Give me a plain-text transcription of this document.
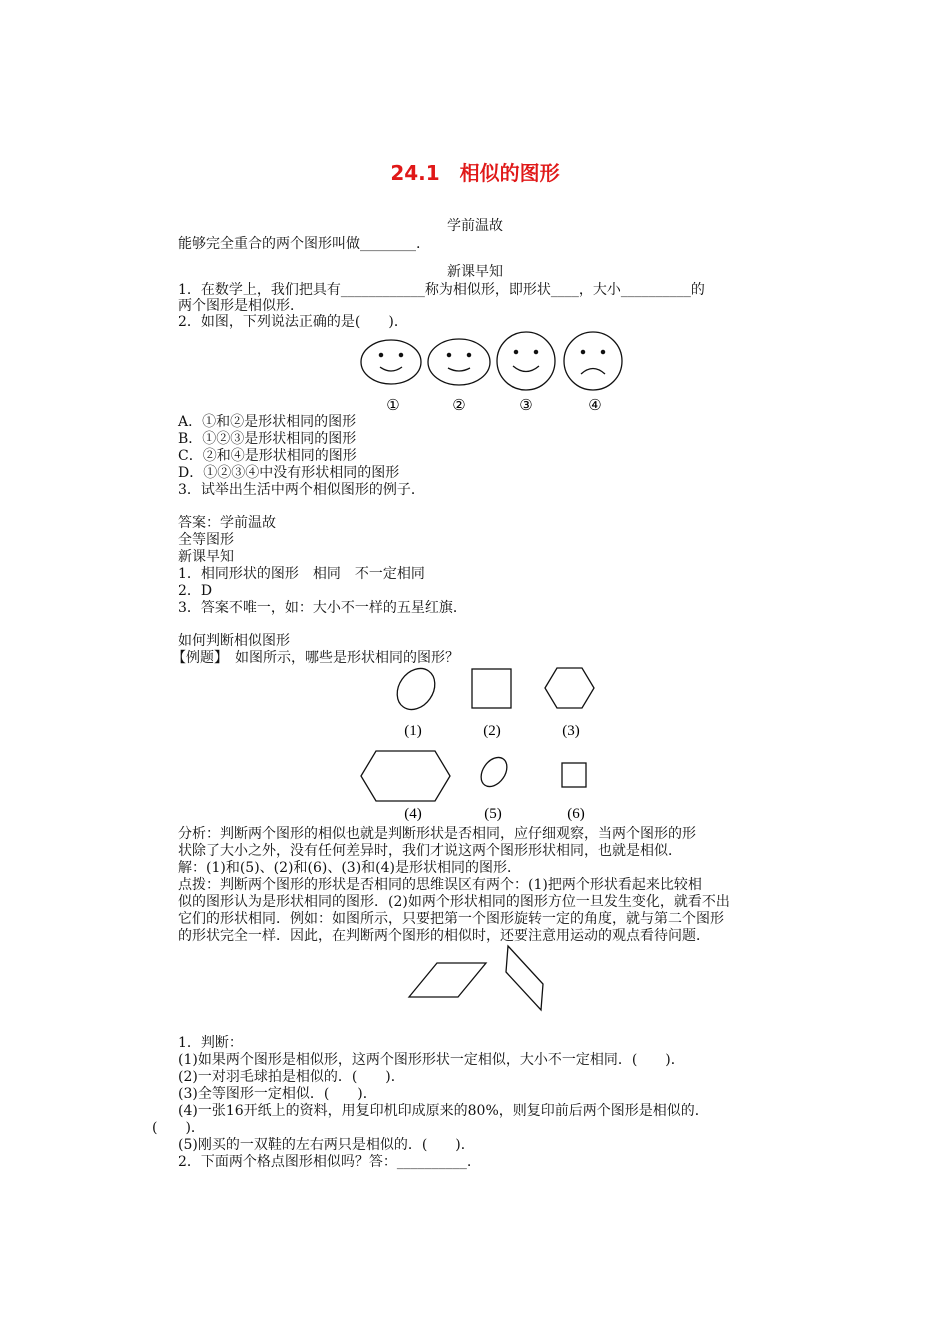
24.1　相似的图形
学前温故
能够完全重合的两个图形叫做________.
新课早知
1．在数学上，我们把具有____________称为相似形，即形状____，大小__________的
两个图形是相似形．
2．如图，下列说法正确的是(　　)．
①	②	③	④
A．①和②是形状相同的图形
B．①②③是形状相同的图形
C．②和④是形状相同的图形
D．①②③④中没有形状相同的图形
3．试举出生活中两个相似图形的例子．
答案：学前温故
全等图形
新课早知
1．相同形状的图形　相同　不一定相同
2．D
3．答案不唯一，如：大小不一样的五星红旗．
如何判断相似图形
【例题】　如图所示，哪些是形状相同的图形？
(1)	(2)	(3)
(4)	(5)	(6)
分析：判断两个图形的相似也就是判断形状是否相同，应仔细观察，当两个图形的形
状除了大小之外，没有任何差异时，我们才说这两个图形形状相同，也就是相似．
解：(1)和(5)、(2)和(6)、(3)和(4)是形状相同的图形．
点拨：判断两个图形的形状是否相同的思维误区有两个：(1)把两个形状看起来比较相
似的图形认为是形状相同的图形．(2)如两个形状相同的图形方位一旦发生变化，就看不出
它们的形状相同．例如：如图所示，只要把第一个图形旋转一定的角度，就与第二个图形
的形状完全一样．因此，在判断两个图形的相似时，还要注意用运动的观点看待问题．
1．判断：
(1)如果两个图形是相似形，这两个图形形状一定相似，大小不一定相同．(　　)．
(2)一对羽毛球拍是相似的．(　　)．
(3)全等图形一定相似．(　　)．
(4)一张16开纸上的资料，用复印机印成原来的80%，则复印前后两个图形是相似的．
(　　)．
(5)刚买的一双鞋的左右两只是相似的．(　　)．
2．下面两个格点图形相似吗？答：__________.
